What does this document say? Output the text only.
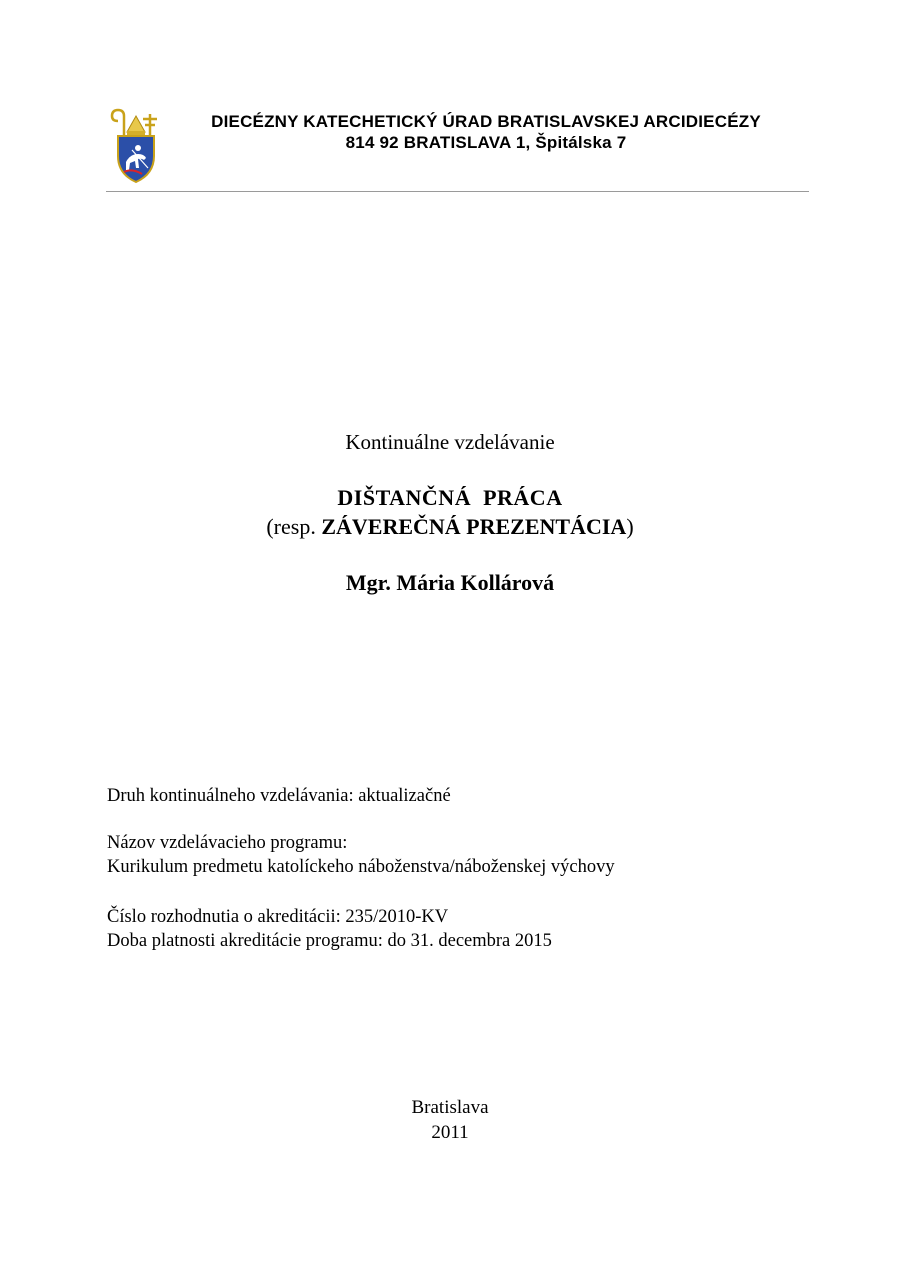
DIECÉZNY KATECHETICKÝ ÚRAD BRATISLAVSKEJ ARCIDIECÉZY
814 92 BRATISLAVA 1, Špitálska 7
Kontinuálne vzdelávanie
DIŠTANČNÁ  PRÁCA
(resp. ZÁVEREČNÁ PREZENTÁCIA)
Mgr. Mária Kollárová
Druh kontinuálneho vzdelávania: aktualizačné
Názov vzdelávacieho programu:
Kurikulum predmetu katolíckeho náboženstva/náboženskej výchovy
Číslo rozhodnutia o akreditácii: 235/2010-KV
Doba platnosti akreditácie programu: do 31. decembra 2015
Bratislava
2011
